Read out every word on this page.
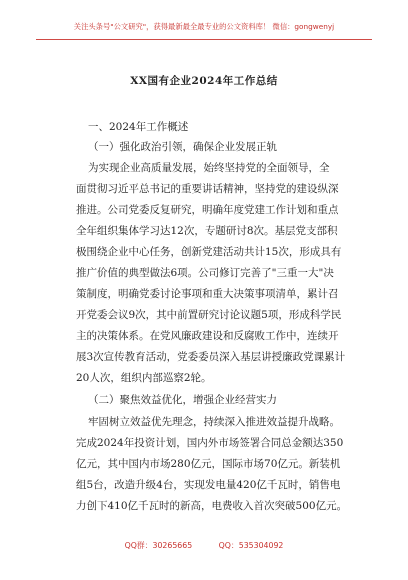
关注头条号"公文研究"，获得最新最全最专业的公文资料库！ 微信：gongwenyj
XX国有企业2024年工作总结
一、2024年工作概述
（一）强化政治引领，确保企业发展正轨
为实现企业高质量发展，始终坚持党的全面领导，全
面贯彻习近平总书记的重要讲话精神，坚持党的建设纵深
推进。公司党委反复研究，明确年度党建工作计划和重点
全年组织集体学习达12次，专题研讨8次。基层党支部积
极围绕企业中心任务，创新党建活动共计15次，形成具有
推广价值的典型做法6项。公司修订完善了"三重一大"决
策制度，明确党委讨论事项和重大决策事项清单，累计召
开党委会议9次，其中前置研究讨论议题5项，形成科学民
主的决策体系。在党风廉政建设和反腐败工作中，连续开
展3次宣传教育活动，党委委员深入基层讲授廉政党课累计
20人次，组织内部巡察2轮。
（二）聚焦效益优化，增强企业经营实力
牢固树立效益优先理念，持续深入推进效益提升战略。
完成2024年投资计划，国内外市场签署合同总金额达350
亿元，其中国内市场280亿元，国际市场70亿元。新装机
组5台，改造升级4台，实现发电量420亿千瓦时，销售电
力创下410亿千瓦时的新高，电费收入首次突破500亿元。
QQ群：30265665	QQ：535304092
